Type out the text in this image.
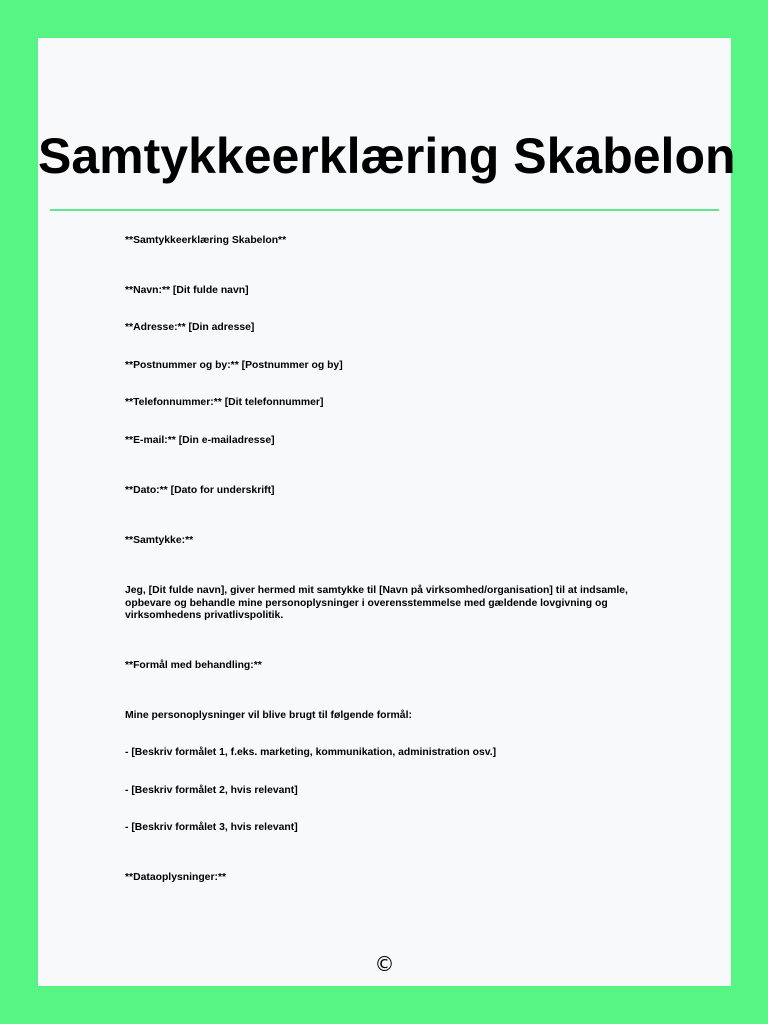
Samtykkeerklæring Skabelon

**Samtykkeerklæring Skabelon**

**Navn:** [Dit fulde navn]

**Adresse:** [Din adresse]

**Postnummer og by:** [Postnummer og by]

**Telefonnummer:** [Dit telefonnummer]

**E-mail:** [Din e-mailadresse]

**Dato:** [Dato for underskrift]

**Samtykke:**

Jeg, [Dit fulde navn], giver hermed mit samtykke til [Navn på virksomhed/organisation] til at indsamle, opbevare og behandle mine personoplysninger i overensstemmelse med gældende lovgivning og virksomhedens privatlivspolitik.

**Formål med behandling:**

Mine personoplysninger vil blive brugt til følgende formål:

- [Beskriv formålet 1, f.eks. marketing, kommunikation, administration osv.]

- [Beskriv formålet 2, hvis relevant]

- [Beskriv formålet 3, hvis relevant]

**Dataoplysninger:**

©
